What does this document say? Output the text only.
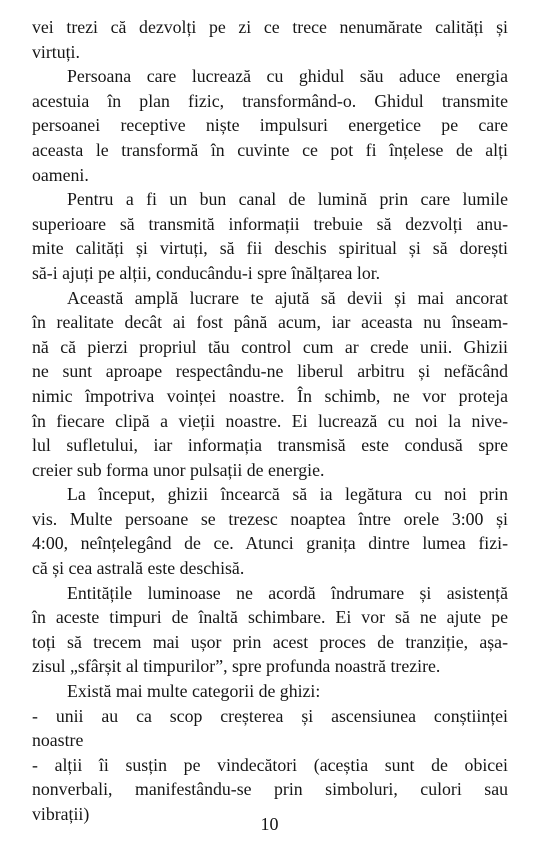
vei trezi că dezvolți pe zi ce trece nenumărate calități și
virtuți.
Persoana care lucrează cu ghidul său aduce energia
acestuia în plan fizic, transformând-o. Ghidul transmite
persoanei receptive niște impulsuri energetice pe care
aceasta le transformă în cuvinte ce pot fi înțelese de alți
oameni.
Pentru a fi un bun canal de lumină prin care lumile
superioare să transmită informații trebuie să dezvolți anu-
mite calități și virtuți, să fii deschis spiritual și să dorești
să-i ajuți pe alții, conducându-i spre înălțarea lor.
Această amplă lucrare te ajută să devii și mai ancorat
în realitate decât ai fost până acum, iar aceasta nu înseam-
nă că pierzi propriul tău control cum ar crede unii. Ghizii
ne sunt aproape respectându-ne liberul arbitru și nefăcând
nimic împotriva voinței noastre. În schimb, ne vor proteja
în fiecare clipă a vieții noastre. Ei lucrează cu noi la nive-
lul sufletului, iar informația transmisă este condusă spre
creier sub forma unor pulsații de energie.
La început, ghizii încearcă să ia legătura cu noi prin
vis. Multe persoane se trezesc noaptea între orele 3:00 și
4:00, neînțelegând de ce. Atunci granița dintre lumea fizi-
că și cea astrală este deschisă.
Entitățile luminoase ne acordă îndrumare și asistență
în aceste timpuri de înaltă schimbare. Ei vor să ne ajute pe
toți să trecem mai ușor prin acest proces de tranziție, așa-
zisul „sfârșit al timpurilor”, spre profunda noastră trezire.
Există mai multe categorii de ghizi:
- unii au ca scop creșterea și ascensiunea conștiinței
noastre
- alții îi susțin pe vindecători (aceștia sunt de obicei
nonverbali, manifestându-se prin simboluri, culori sau
vibrații)	10
